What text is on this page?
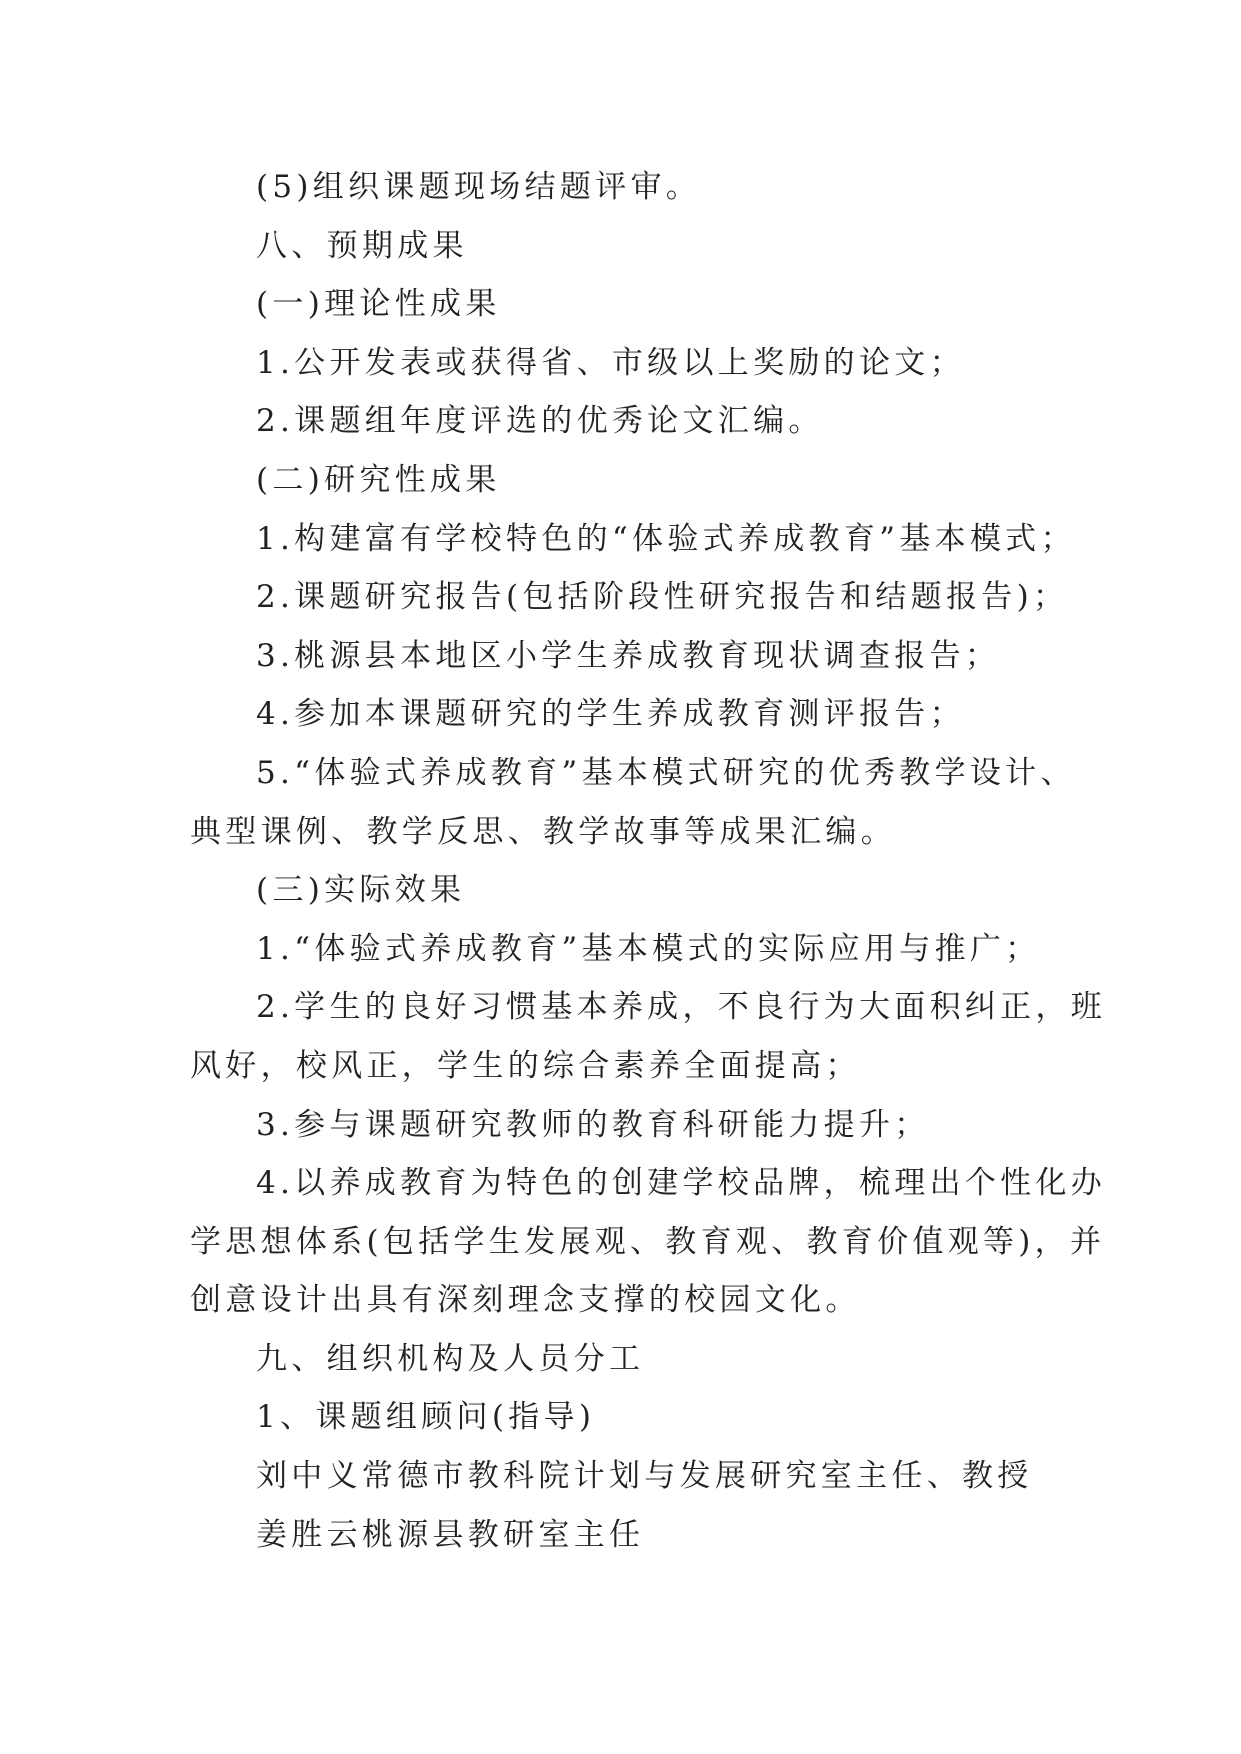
(5)组织课题现场结题评审。
八、预期成果
(一)理论性成果
1.公开发表或获得省、市级以上奖励的论文；
2.课题组年度评选的优秀论文汇编。
(二)研究性成果
1.构建富有学校特色的“体验式养成教育”基本模式；
2.课题研究报告(包括阶段性研究报告和结题报告)；
3.桃源县本地区小学生养成教育现状调查报告；
4.参加本课题研究的学生养成教育测评报告；
5.“体验式养成教育”基本模式研究的优秀教学设计、
典型课例、教学反思、教学故事等成果汇编。
(三)实际效果
1.“体验式养成教育”基本模式的实际应用与推广；
2.学生的良好习惯基本养成，不良行为大面积纠正，班
风好，校风正，学生的综合素养全面提高；
3.参与课题研究教师的教育科研能力提升；
4.以养成教育为特色的创建学校品牌，梳理出个性化办
学思想体系(包括学生发展观、教育观、教育价值观等)，并
创意设计出具有深刻理念支撑的校园文化。
九、组织机构及人员分工
1、课题组顾问(指导)
刘中义常德市教科院计划与发展研究室主任、教授
姜胜云桃源县教研室主任
